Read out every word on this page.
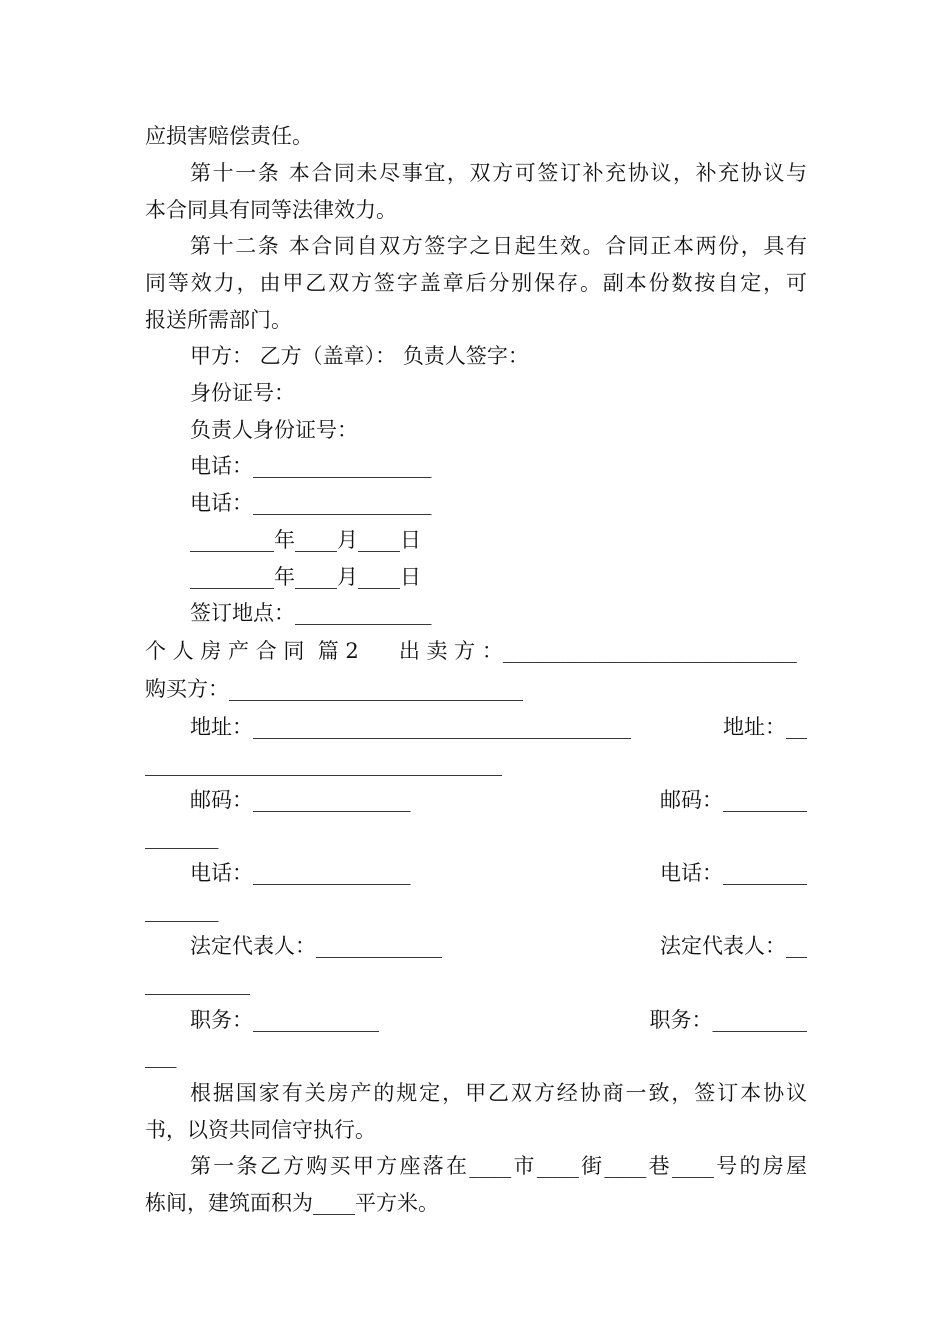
应损害赔偿责任。

第十一条 本合同未尽事宜，双方可签订补充协议，补充协议与

本合同具有同等法律效力。

第十二条 本合同自双方签字之日起生效。合同正本两份，具有

同等效力，由甲乙双方签字盖章后分别保存。副本份数按自定，可

报送所需部门。

甲方： 乙方（盖章）： 负责人签字：

身份证号：

负责人身份证号：

电话：_________________

电话：_________________

________年____月____日

________年____月____日

签订地点：_____________

个 人 房 产 合 同  篇 2      出 卖 方 ：____________________________

购买方：____________________________

地址：____________________________________	地址：__

__________________________________

邮码：_______________	邮码：________

_______

电话：_______________	电话：________

_______

法定代表人：____________	法定代表人：__

__________

职务：____________	职务：_________

___

根据国家有关房产的规定，甲乙双方经协商一致，签订本协议

书，以资共同信守执行。

第一条乙方购买甲方座落在____市____街____巷____号的房屋

栋间，建筑面积为____平方米。
